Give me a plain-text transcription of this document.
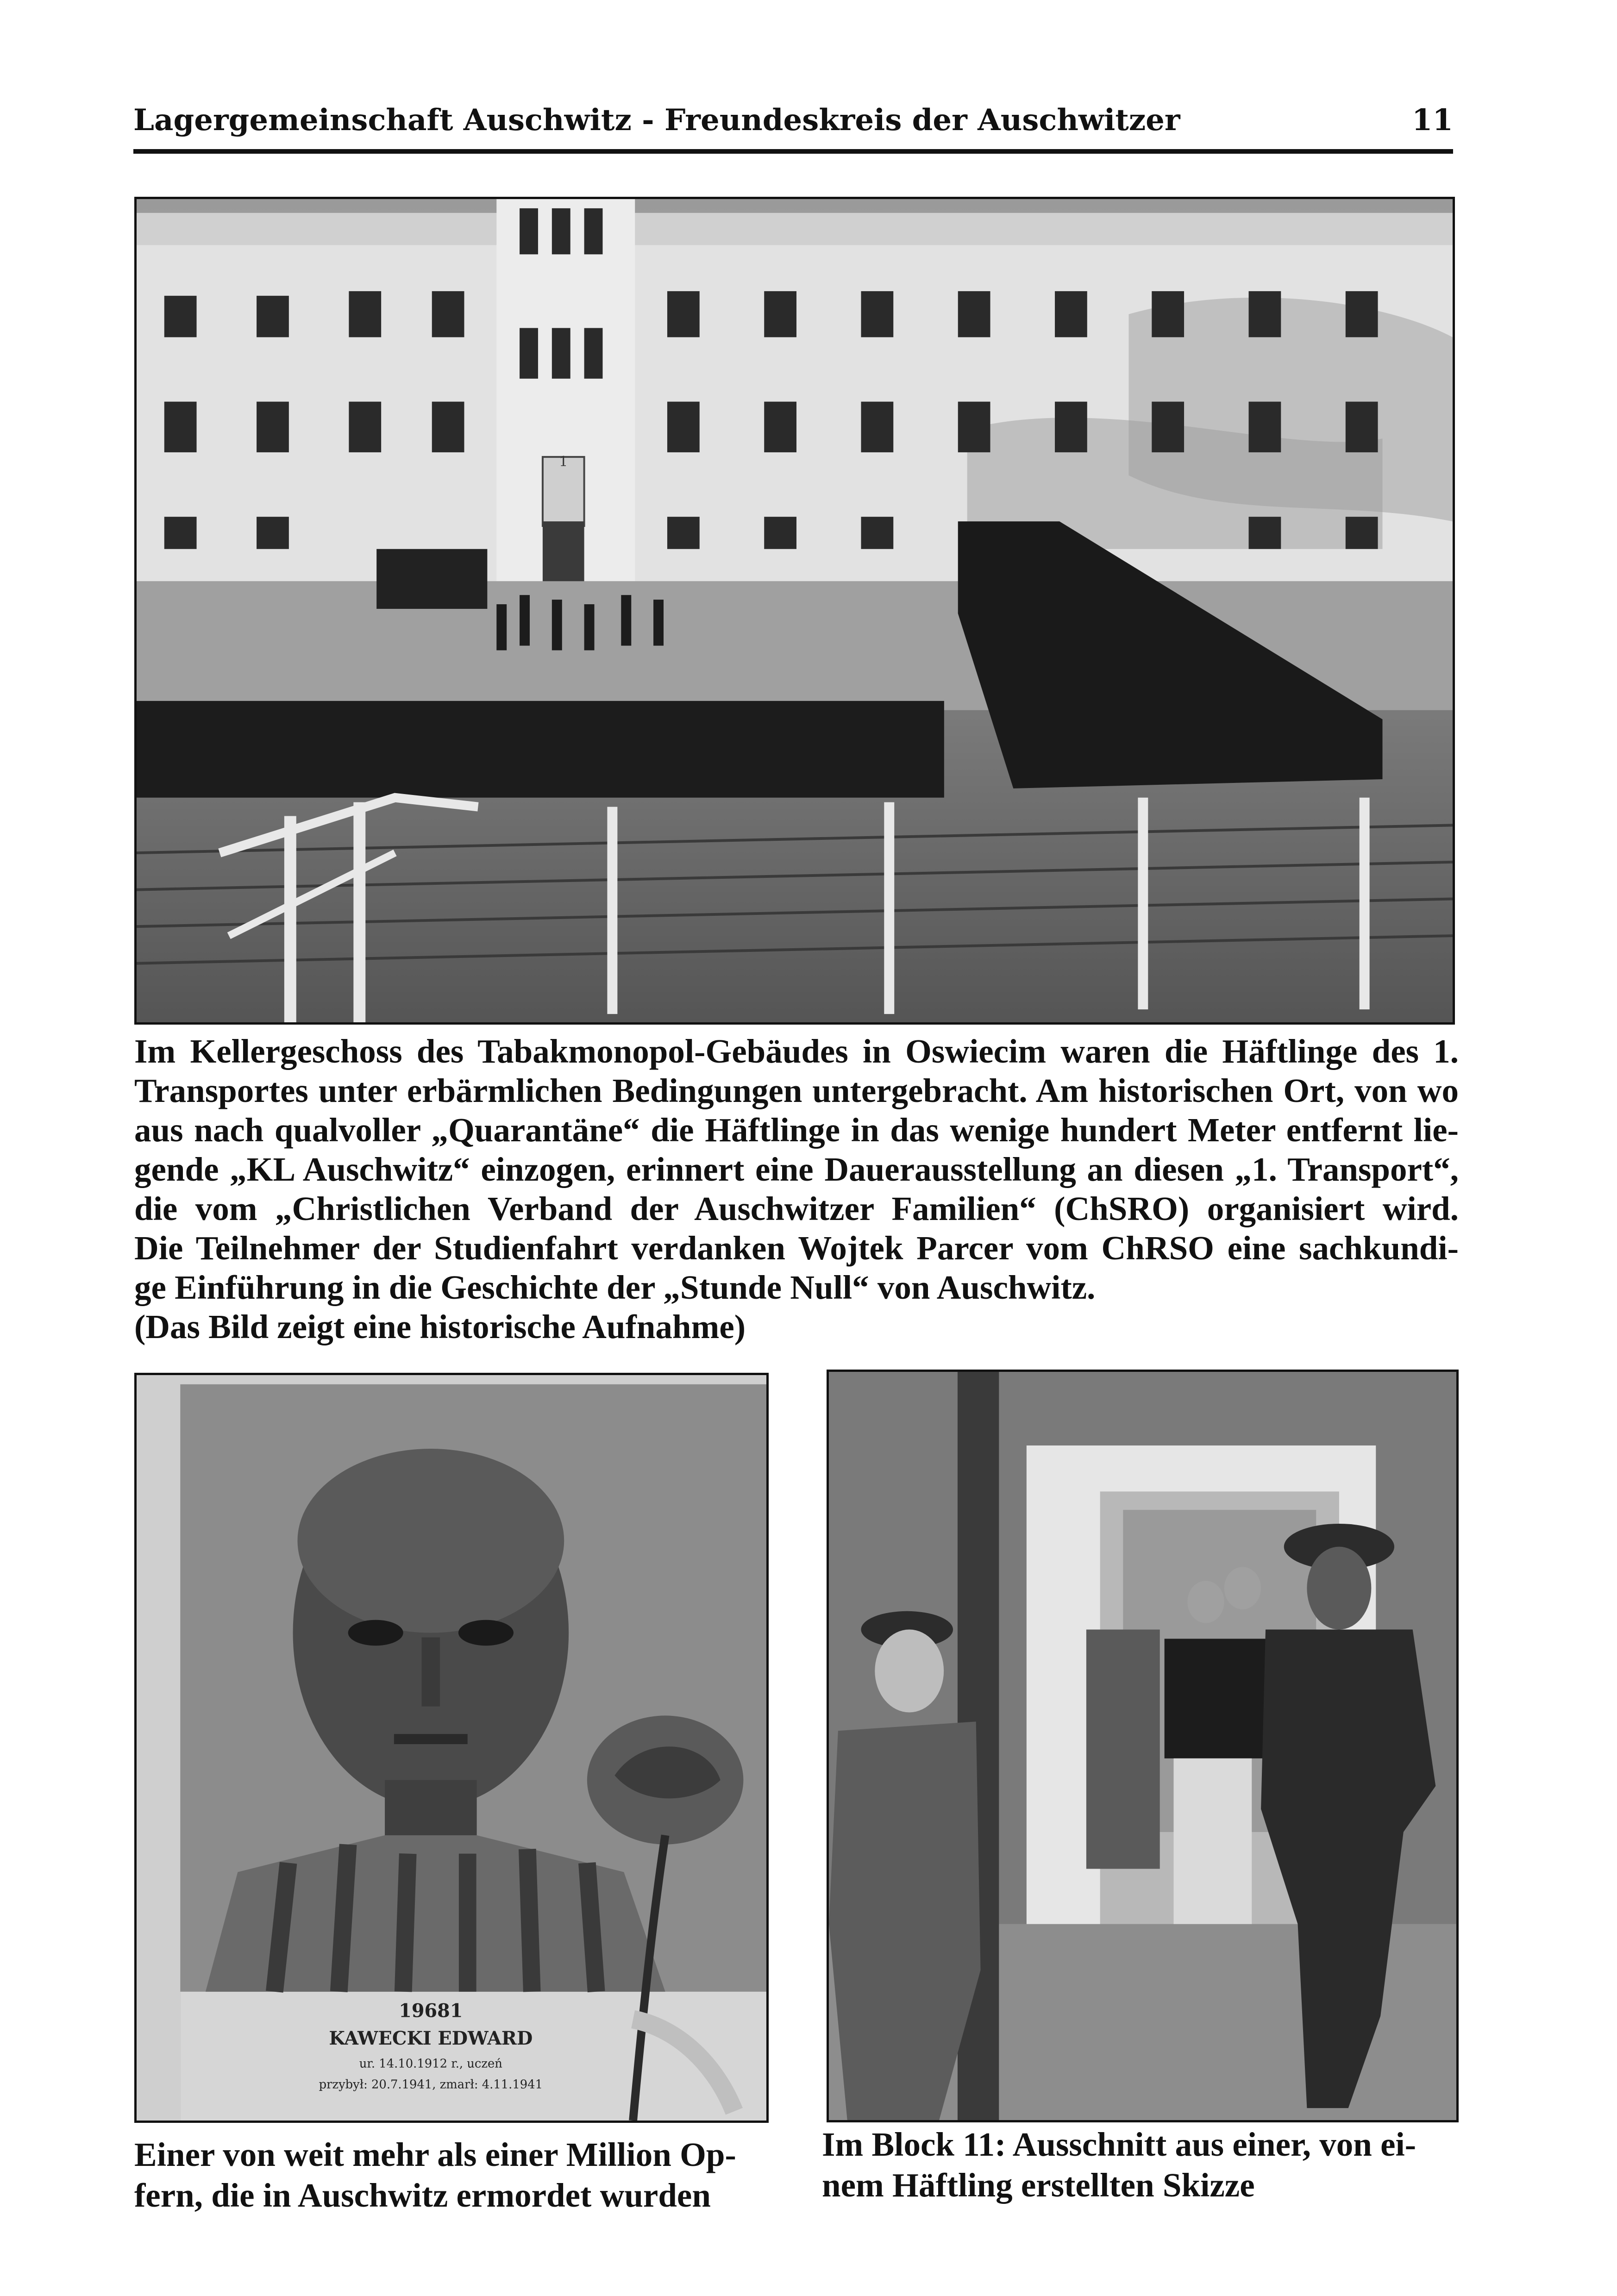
Lagergemeinschaft Auschwitz - Freundeskreis der Auschwitzer	11
1
Im Kellergeschoss des Tabakmonopol-Gebäudes in Oswiecim waren die Häftlinge des 1.
Transportes unter erbärmlichen Bedingungen untergebracht. Am historischen Ort, von wo
aus nach qualvoller „Quarantäne“ die Häftlinge in das wenige hundert Meter entfernt lie-
gende „KL Auschwitz“ einzogen, erinnert eine Dauerausstellung an diesen „1. Transport“,
die vom „Christlichen Verband der Auschwitzer Familien“ (ChSRO) organisiert wird.
Die Teilnehmer der Studienfahrt verdanken Wojtek Parcer vom ChRSO eine sachkundi-
ge Einführung in die Geschichte der „Stunde Null“ von Auschwitz.
(Das Bild zeigt eine historische Aufnahme)
19681
KAWECKI EDWARD
ur. 14.10.1912 r., uczeń
przybył: 20.7.1941, zmarł: 4.11.1941
Einer von weit mehr als einer Million Op-
fern, die in Auschwitz ermordet wurden
Im Block 11: Ausschnitt aus einer, von ei-
nem Häftling erstellten Skizze
